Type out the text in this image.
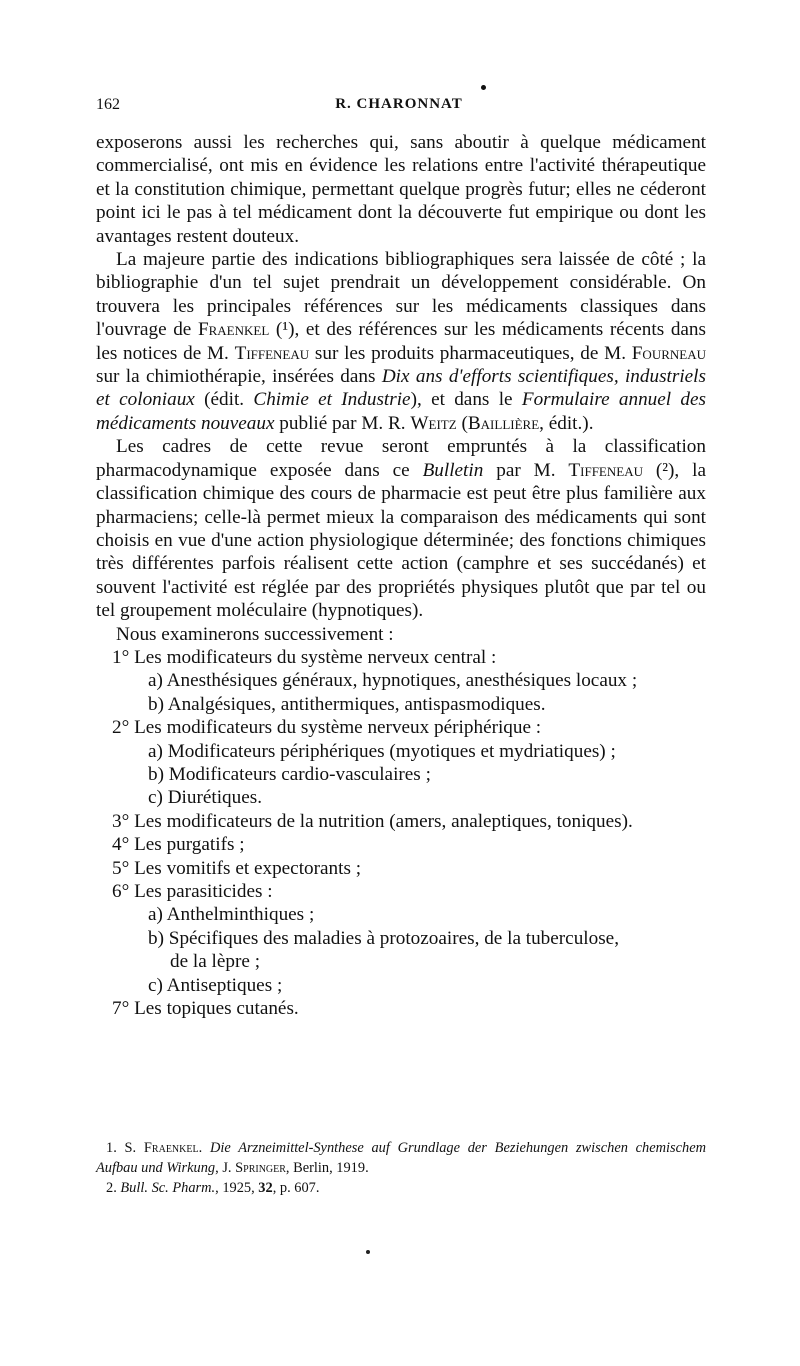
162	R. CHARONNAT

exposerons aussi les recherches qui, sans aboutir à quelque médicament commercialisé, ont mis en évidence les relations entre l'activité thérapeutique et la constitution chimique, permettant quelque progrès futur; elles ne céderont point ici le pas à tel médicament dont la découverte fut empirique ou dont les avantages restent douteux.

La majeure partie des indications bibliographiques sera laissée de côté ; la bibliographie d'un tel sujet prendrait un développement considérable. On trouvera les principales références sur les médicaments classiques dans l'ouvrage de Fraenkel (¹), et des références sur les médicaments récents dans les notices de M. Tiffeneau sur les produits pharmaceutiques, de M. Fourneau sur la chimiothérapie, insérées dans Dix ans d'efforts scientifiques, industriels et coloniaux (édit. Chimie et Industrie), et dans le Formulaire annuel des médicaments nouveaux publié par M. R. Weitz (Baillière, édit.).

Les cadres de cette revue seront empruntés à la classification pharmacodynamique exposée dans ce Bulletin par M. Tiffeneau (²), la classification chimique des cours de pharmacie est peut être plus familière aux pharmaciens; celle-là permet mieux la comparaison des médicaments qui sont choisis en vue d'une action physiologique déterminée; des fonctions chimiques très différentes parfois réalisent cette action (camphre et ses succédanés) et souvent l'activité est réglée par des propriétés physiques plutôt que par tel ou tel groupement moléculaire (hypnotiques).

Nous examinerons successivement :

1° Les modificateurs du système nerveux central :
a) Anesthésiques généraux, hypnotiques, anesthésiques locaux ;
b) Analgésiques, antithermiques, antispasmodiques.
2° Les modificateurs du système nerveux périphérique :
a) Modificateurs périphériques (myotiques et mydriatiques) ;
b) Modificateurs cardio-vasculaires ;
c) Diurétiques.
3° Les modificateurs de la nutrition (amers, analeptiques, toniques).
4° Les purgatifs ;
5° Les vomitifs et expectorants ;
6° Les parasiticides :
a) Anthelminthiques ;
b) Spécifiques des maladies à protozoaires, de la tuberculose,
de la lèpre ;
c) Antiseptiques ;
7° Les topiques cutanés.

1. S. Fraenkel. Die Arzneimittel-Synthese auf Grundlage der Beziehungen zwischen chemischem Aufbau und Wirkung, J. Springer, Berlin, 1919.

2. Bull. Sc. Pharm., 1925, 32, p. 607.
